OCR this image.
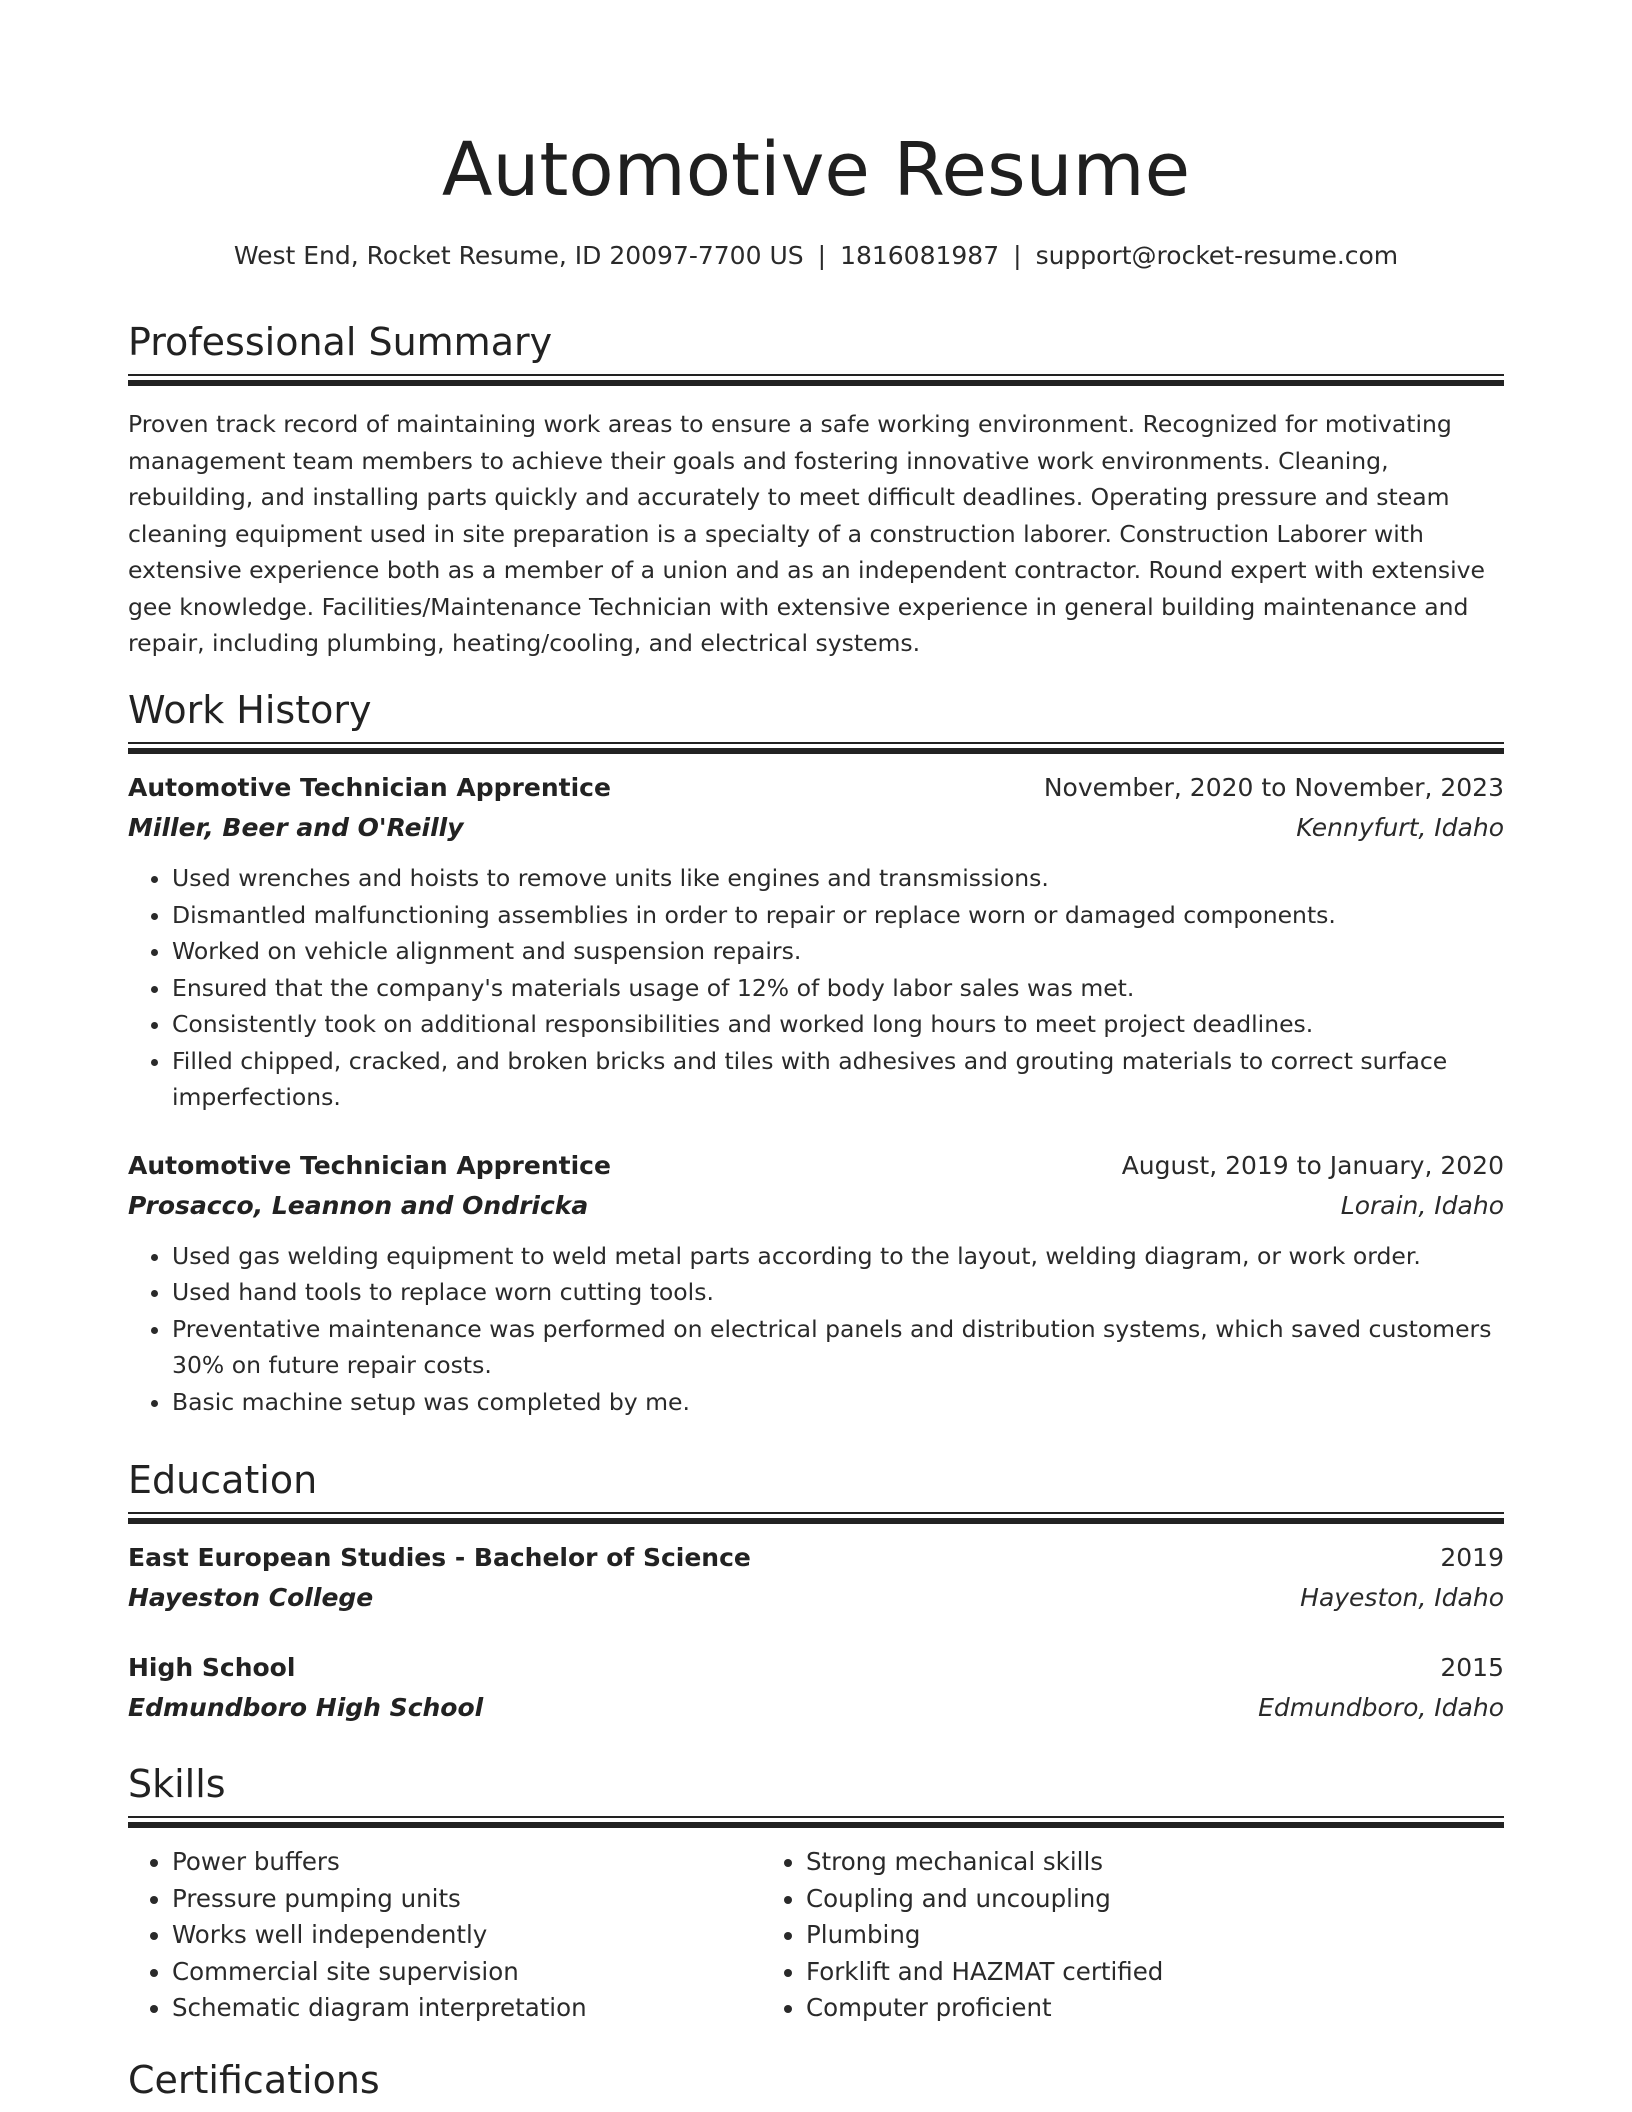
Automotive Resume
West End, Rocket Resume, ID 20097-7700 US | 1816081987 | support@rocket-resume.com
Professional Summary
Proven track record of maintaining work areas to ensure a safe working environment. Recognized for motivating management team members to achieve their goals and fostering innovative work environments. Cleaning, rebuilding, and installing parts quickly and accurately to meet difficult deadlines. Operating pressure and steam cleaning equipment used in site preparation is a specialty of a construction laborer. Construction Laborer with extensive experience both as a member of a union and as an independent contractor. Round expert with extensive gee knowledge. Facilities/Maintenance Technician with extensive experience in general building maintenance and repair, including plumbing, heating/cooling, and electrical systems.
Work History
Automotive Technician Apprentice	November, 2020 to November, 2023
Miller, Beer and O'Reilly	Kennyfurt, Idaho
• Used wrenches and hoists to remove units like engines and transmissions.
• Dismantled malfunctioning assemblies in order to repair or replace worn or damaged components.
• Worked on vehicle alignment and suspension repairs.
• Ensured that the company's materials usage of 12% of body labor sales was met.
• Consistently took on additional responsibilities and worked long hours to meet project deadlines.
• Filled chipped, cracked, and broken bricks and tiles with adhesives and grouting materials to correct surface imperfections.
Automotive Technician Apprentice	August, 2019 to January, 2020
Prosacco, Leannon and Ondricka	Lorain, Idaho
• Used gas welding equipment to weld metal parts according to the layout, welding diagram, or work order.
• Used hand tools to replace worn cutting tools.
• Preventative maintenance was performed on electrical panels and distribution systems, which saved customers 30% on future repair costs.
• Basic machine setup was completed by me.
Education
East European Studies - Bachelor of Science	2019
Hayeston College	Hayeston, Idaho
High School	2015
Edmundboro High School	Edmundboro, Idaho
Skills
• Power buffers
• Pressure pumping units
• Works well independently
• Commercial site supervision
• Schematic diagram interpretation
• Strong mechanical skills
• Coupling and uncoupling
• Plumbing
• Forklift and HAZMAT certified
• Computer proficient
Certifications
